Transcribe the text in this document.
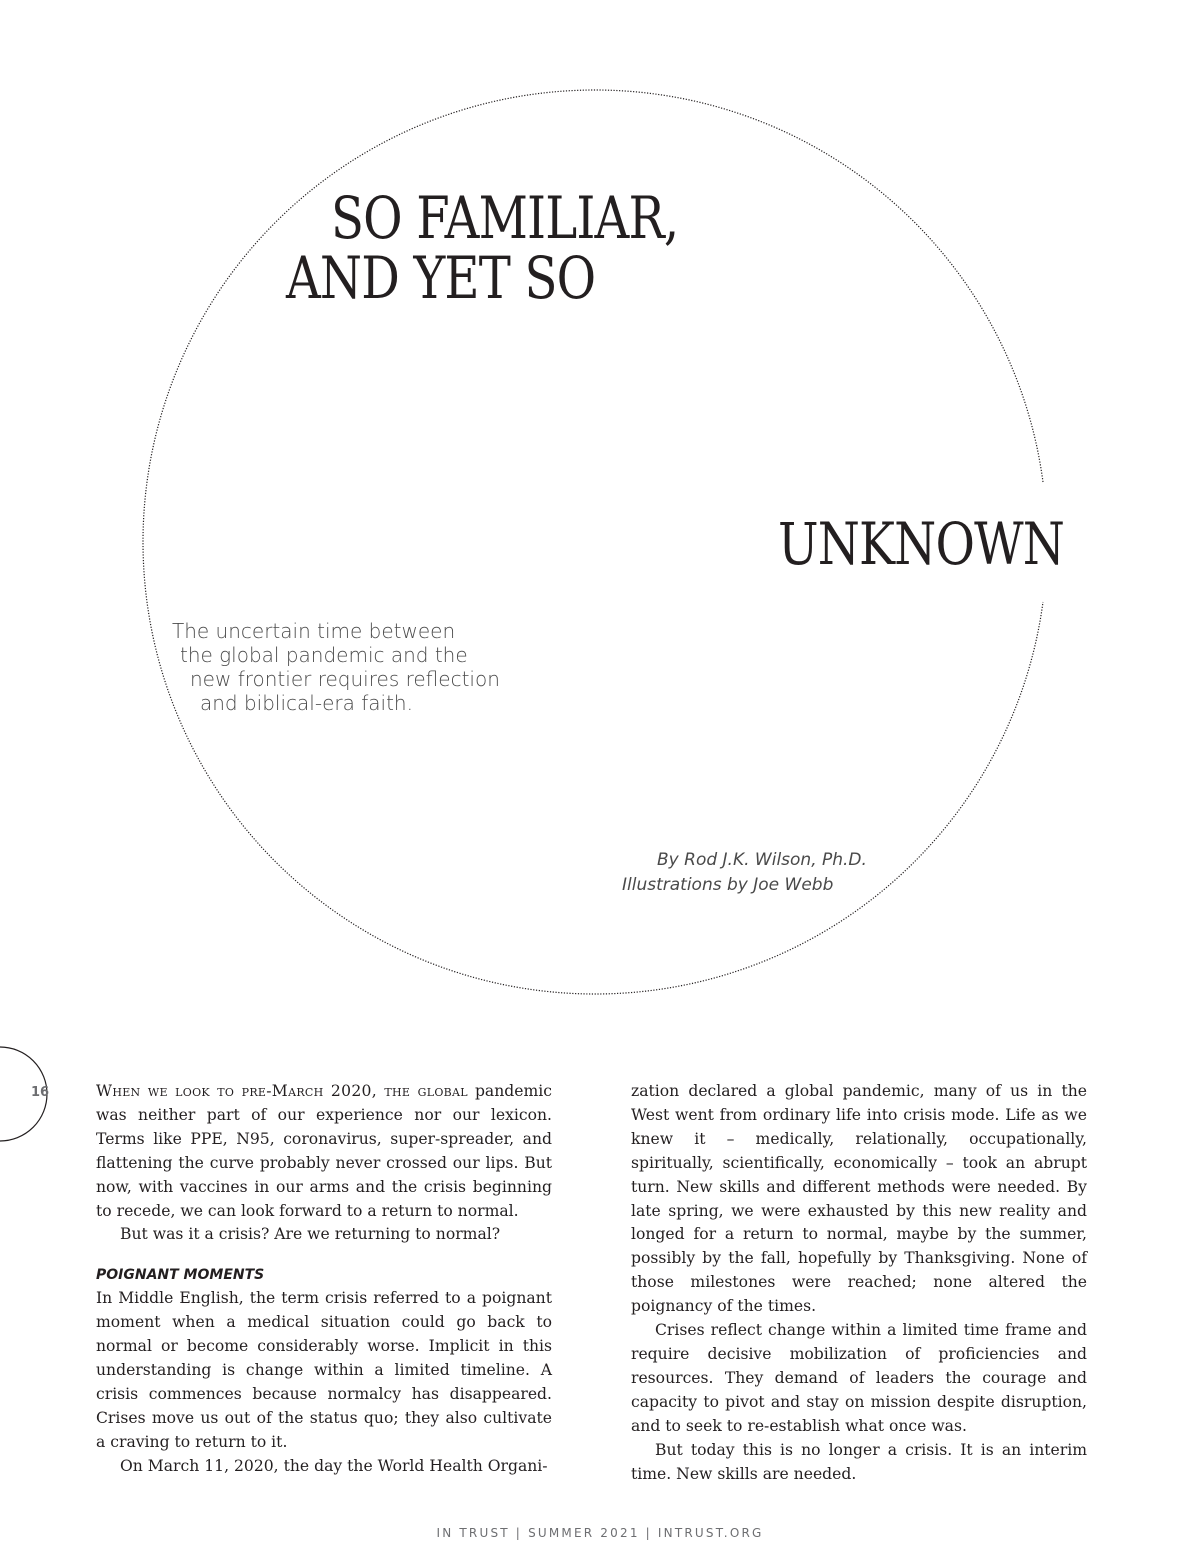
SO FAMILIAR,
AND YET SO
UNKNOWN
The uncertain time between
the global pandemic and the
new frontier requires reflection
and biblical-era faith.
By Rod J.K. Wilson, Ph.D.
Illustrations by Joe Webb
16	When we look to pre-March 2020, the global pandemic was neither part of our experience nor our lexicon. Terms like PPE, N95, coronavirus, super-spreader, and flattening the curve probably never crossed our lips. But now, with vaccines in our arms and the crisis beginning to recede, we can look forward to a return to normal.

But was it a crisis? Are we returning to normal?

POIGNANT MOMENTS

In Middle English, the term crisis referred to a poignant moment when a medical situation could go back to normal or become considerably worse. Implicit in this understanding is change within a limited timeline. A crisis commences because normalcy has disappeared. Crises move us out of the status quo; they also cultivate a craving to return to it.

On March 11, 2020, the day the World Health Organi-

zation declared a global pandemic, many of us in the West went from ordinary life into crisis mode. Life as we knew it – medically, relationally, occupationally, spiritually, scientifically, economically – took an abrupt turn. New skills and different methods were needed. By late spring, we were exhausted by this new reality and longed for a return to normal, maybe by the summer, possibly by the fall, hopefully by Thanksgiving. None of those milestones were reached; none altered the poignancy of the times.

Crises reflect change within a limited time frame and require decisive mobilization of proficiencies and resources. They demand of leaders the courage and capacity to pivot and stay on mission despite disruption, and to seek to re-establish what once was.

But today this is no longer a crisis. It is an interim time. New skills are needed.

IN TRUST | SUMMER 2021 | INTRUST.ORG
